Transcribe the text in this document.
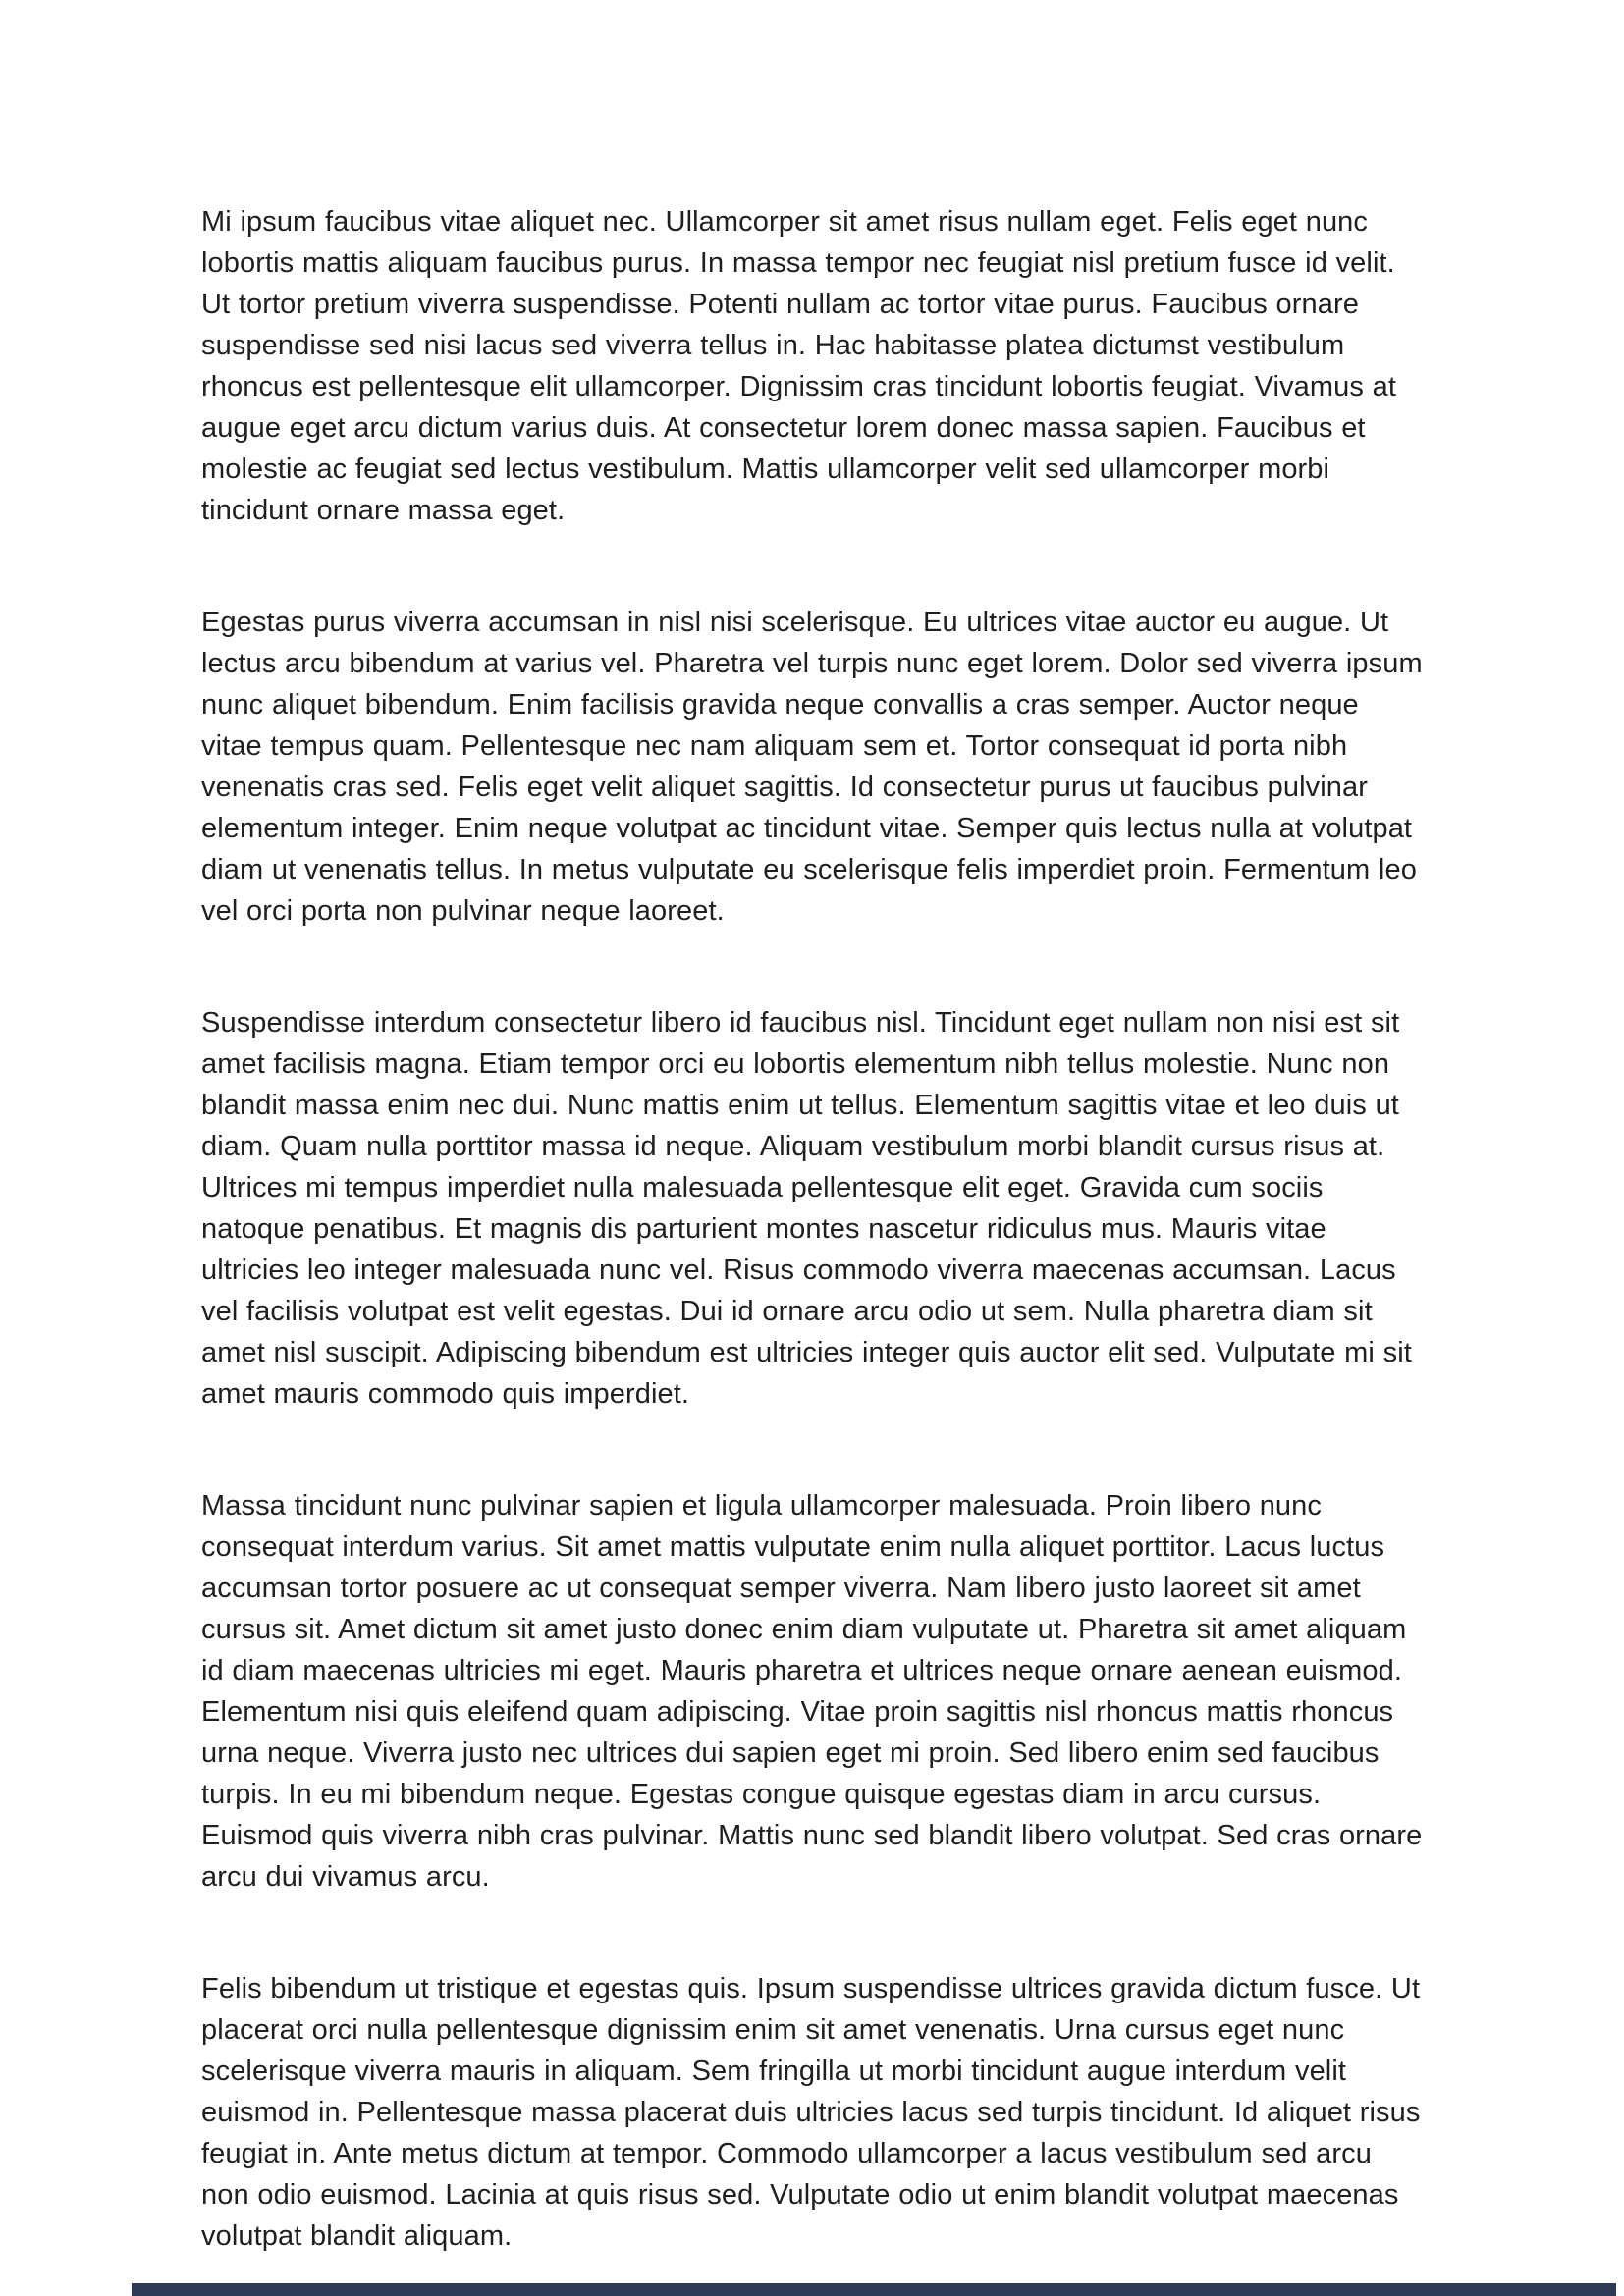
Mi ipsum faucibus vitae aliquet nec. Ullamcorper sit amet risus nullam eget. Felis eget nunc lobortis mattis aliquam faucibus purus. In massa tempor nec feugiat nisl pretium fusce id velit. Ut tortor pretium viverra suspendisse. Potenti nullam ac tortor vitae purus. Faucibus ornare suspendisse sed nisi lacus sed viverra tellus in. Hac habitasse platea dictumst vestibulum rhoncus est pellentesque elit ullamcorper. Dignissim cras tincidunt lobortis feugiat. Vivamus at augue eget arcu dictum varius duis. At consectetur lorem donec massa sapien. Faucibus et molestie ac feugiat sed lectus vestibulum. Mattis ullamcorper velit sed ullamcorper morbi tincidunt ornare massa eget.

Egestas purus viverra accumsan in nisl nisi scelerisque. Eu ultrices vitae auctor eu augue. Ut lectus arcu bibendum at varius vel. Pharetra vel turpis nunc eget lorem. Dolor sed viverra ipsum nunc aliquet bibendum. Enim facilisis gravida neque convallis a cras semper. Auctor neque vitae tempus quam. Pellentesque nec nam aliquam sem et. Tortor consequat id porta nibh venenatis cras sed. Felis eget velit aliquet sagittis. Id consectetur purus ut faucibus pulvinar elementum integer. Enim neque volutpat ac tincidunt vitae. Semper quis lectus nulla at volutpat diam ut venenatis tellus. In metus vulputate eu scelerisque felis imperdiet proin. Fermentum leo vel orci porta non pulvinar neque laoreet.

Suspendisse interdum consectetur libero id faucibus nisl. Tincidunt eget nullam non nisi est sit amet facilisis magna. Etiam tempor orci eu lobortis elementum nibh tellus molestie. Nunc non blandit massa enim nec dui. Nunc mattis enim ut tellus. Elementum sagittis vitae et leo duis ut diam. Quam nulla porttitor massa id neque. Aliquam vestibulum morbi blandit cursus risus at. Ultrices mi tempus imperdiet nulla malesuada pellentesque elit eget. Gravida cum sociis natoque penatibus. Et magnis dis parturient montes nascetur ridiculus mus. Mauris vitae ultricies leo integer malesuada nunc vel. Risus commodo viverra maecenas accumsan. Lacus vel facilisis volutpat est velit egestas. Dui id ornare arcu odio ut sem. Nulla pharetra diam sit amet nisl suscipit. Adipiscing bibendum est ultricies integer quis auctor elit sed. Vulputate mi sit amet mauris commodo quis imperdiet.

Massa tincidunt nunc pulvinar sapien et ligula ullamcorper malesuada. Proin libero nunc consequat interdum varius. Sit amet mattis vulputate enim nulla aliquet porttitor. Lacus luctus accumsan tortor posuere ac ut consequat semper viverra. Nam libero justo laoreet sit amet cursus sit. Amet dictum sit amet justo donec enim diam vulputate ut. Pharetra sit amet aliquam id diam maecenas ultricies mi eget. Mauris pharetra et ultrices neque ornare aenean euismod. Elementum nisi quis eleifend quam adipiscing. Vitae proin sagittis nisl rhoncus mattis rhoncus urna neque. Viverra justo nec ultrices dui sapien eget mi proin. Sed libero enim sed faucibus turpis. In eu mi bibendum neque. Egestas congue quisque egestas diam in arcu cursus. Euismod quis viverra nibh cras pulvinar. Mattis nunc sed blandit libero volutpat. Sed cras ornare arcu dui vivamus arcu.

Felis bibendum ut tristique et egestas quis. Ipsum suspendisse ultrices gravida dictum fusce. Ut placerat orci nulla pellentesque dignissim enim sit amet venenatis. Urna cursus eget nunc scelerisque viverra mauris in aliquam. Sem fringilla ut morbi tincidunt augue interdum velit euismod in. Pellentesque massa placerat duis ultricies lacus sed turpis tincidunt. Id aliquet risus feugiat in. Ante metus dictum at tempor. Commodo ullamcorper a lacus vestibulum sed arcu non odio euismod. Lacinia at quis risus sed. Vulputate odio ut enim blandit volutpat maecenas volutpat blandit aliquam.
